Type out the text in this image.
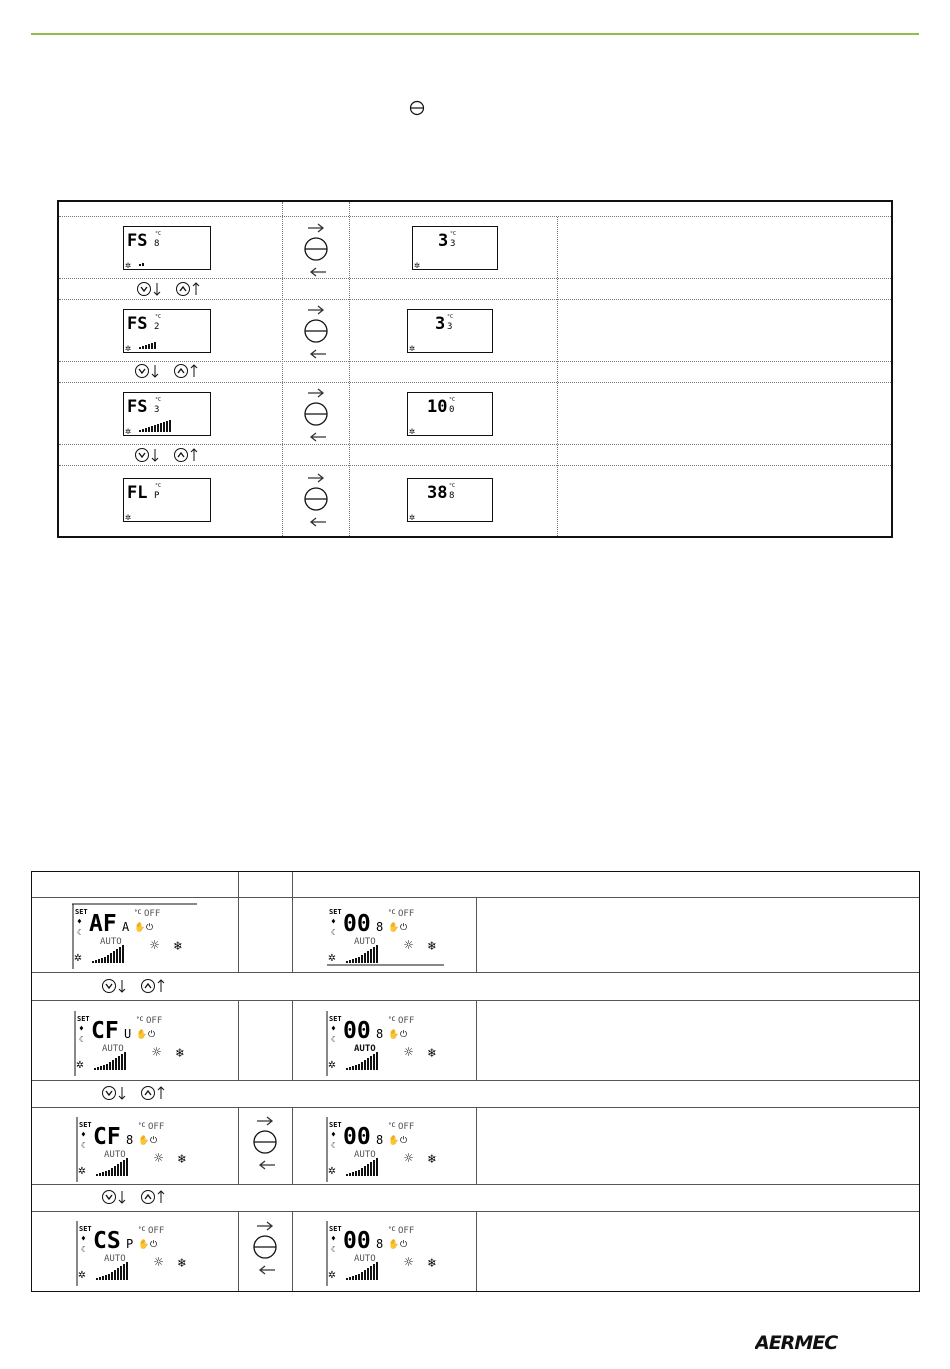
FS 8
°C
✲
3 3
°C
✲
FS 2
°C
✲
3 3
°C
✲
FS 3
°C
✲
10 0
°C
✲
FL P
°C
✲
38 8
°C
✲
SET
♦
☾ AF A
°C
✋ ⏻
OFF
AUTO ☼ ❄
✲
SET
♦
☾ 00 8
°C
✋ ⏻
OFF
AUTO ☼ ❄
✲
SET
♦
☾ CF U
°C
✋ ⏻
OFF
AUTO ☼ ❄
✲
SET
♦
☾ 00 8
°C
✋ ⏻
OFF
AUTO ☼ ❄
✲
SET
♦
☾ CF 8
°C
✋ ⏻
OFF
AUTO ☼ ❄
✲
SET
♦
☾ 00 8
°C
✋ ⏻
OFF
AUTO ☼ ❄
✲
SET
♦
☾ CS P
°C
✋ ⏻
OFF
AUTO ☼ ❄
✲
SET
♦
☾ 00 8
°C
✋ ⏻
OFF
AUTO ☼ ❄
✲
AERMEC
